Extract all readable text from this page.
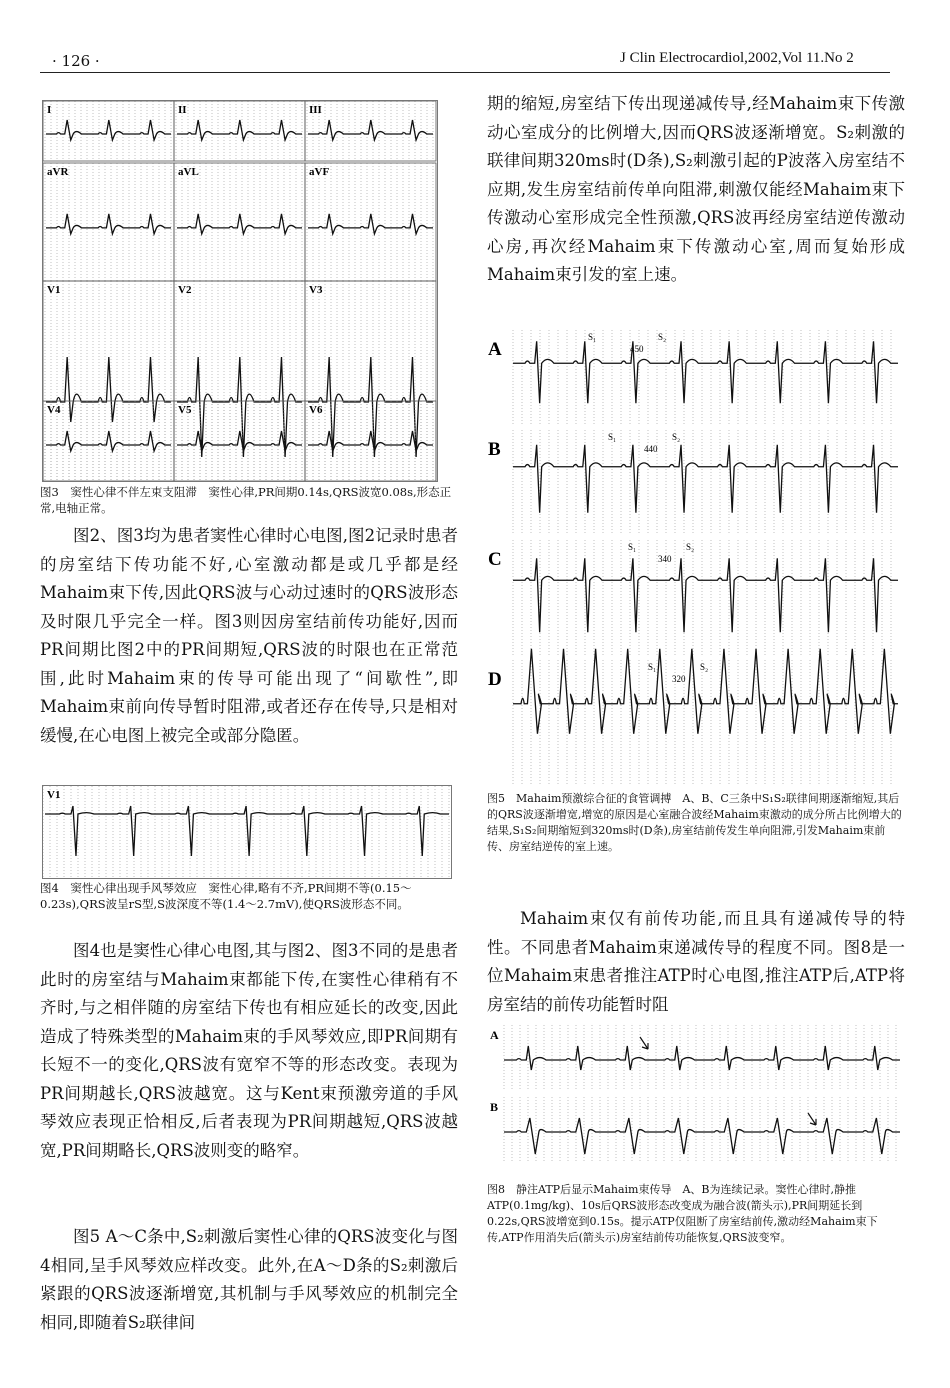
· 126 ·	J Clin Electrocardiol,2002,Vol 11.No 2
I	II	III
aVR	aVL	aVF
V1	V2	V3
V4	V5	V6
图3　窦性心律不伴左束支阻滞　窦性心律,PR间期0.14s,QRS波宽0.08s,形态正常,电轴正常。
图2、图3均为患者窦性心律时心电图,图2记录时患者的房室结下传功能不好,心室激动都是或几乎都是经Mahaim束下传,因此QRS波与心动过速时的QRS波形态及时限几乎完全一样。图3则因房室结前传功能好,因而PR间期比图2中的PR间期短,QRS波的时限也在正常范围,此时Mahaim束的传导可能出现了“间歇性”,即Mahaim束前向传导暂时阻滞,或者还存在传导,只是相对缓慢,在心电图上被完全或部分隐匿。
V1
图4　窦性心律出现手风琴效应　窦性心律,略有不齐,PR间期不等(0.15～0.23s),QRS波呈rS型,S波深度不等(1.4～2.7mV),使QRS波形态不同。
图4也是窦性心律心电图,其与图2、图3不同的是患者此时的房室结与Mahaim束都能下传,在窦性心律稍有不齐时,与之相伴随的房室结下传也有相应延长的改变,因此造成了特殊类型的Mahaim束的手风琴效应,即PR间期有长短不一的变化,QRS波有宽窄不等的形态改变。表现为PR间期越长,QRS波越宽。这与Kent束预激旁道的手风琴效应表现正恰相反,后者表现为PR间期越短,QRS波越宽,PR间期略长,QRS波则变的略窄。
图5 A～C条中,S₂刺激后窦性心律的QRS波变化与图4相同,呈手风琴效应样改变。此外,在A～D条的S₂刺激后紧跟的QRS波逐渐增宽,其机制与手风琴效应的机制完全相同,即随着S₂联律间
期的缩短,房室结下传出现递减传导,经Mahaim束下传激动心室成分的比例增大,因而QRS波逐渐增宽。S₂刺激的联律间期320ms时(D条),S₂刺激引起的P波落入房室结不应期,发生房室结前传单向阻滞,刺激仅能经Mahaim束下传激动心室形成完全性预激,QRS波再经房室结逆传激动心房,再次经Mahaim束下传激动心室,周而复始形成Mahaim束引发的室上速。
A
S₁
450
S₂
B
S₁
440
S₂
C
S₁
340
S₂
D
S₁
320
S₂
图5　Mahaim预激综合征的食管调搏　A、B、C三条中S₁S₂联律间期逐渐缩短,其后的QRS波逐渐增宽,增宽的原因是心室融合波经Mahaim束激动的成分所占比例增大的结果,S₁S₂间期缩短到320ms时(D条),房室结前传发生单向阻滞,引发Mahaim束前传、房室结逆传的室上速。
Mahaim束仅有前传功能,而且具有递减传导的特性。不同患者Mahaim束递减传导的程度不同。图8是一位Mahaim束患者推注ATP时心电图,推注ATP后,ATP将房室结的前传功能暂时阻
A
B
图8　静注ATP后显示Mahaim束传导　A、B为连续记录。窦性心律时,静推ATP(0.1mg/kg)、10s后QRS波形态改变成为融合波(箭头示),PR间期延长到0.22s,QRS波增宽到0.15s。提示ATP仅阻断了房室结前传,激动经Mahaim束下传,ATP作用消失后(箭头示)房室结前传功能恢复,QRS波变窄。
